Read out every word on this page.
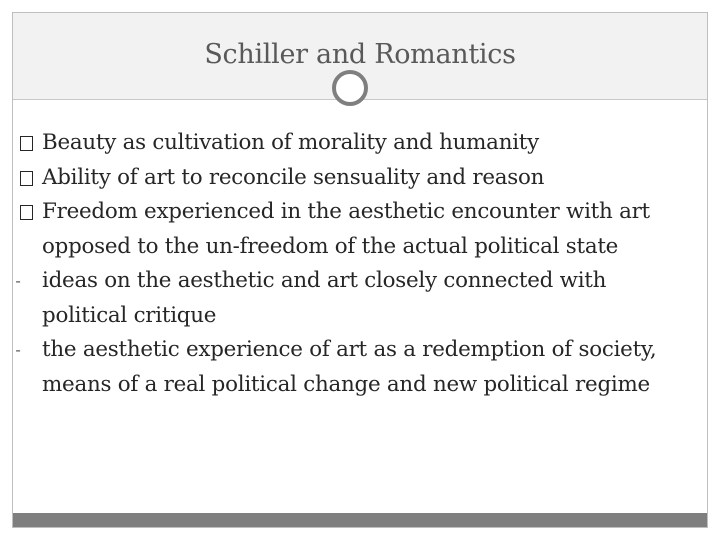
Schiller and Romantics
Beauty as cultivation of morality and humanity
Ability of art to reconcile sensuality and reason
Freedom experienced in the aesthetic encounter with art opposed to the un-freedom of the actual political state
-	ideas on the aesthetic and art closely connected with political critique
-	the aesthetic experience of art as a redemption of society, means of a real political change and new political regime
